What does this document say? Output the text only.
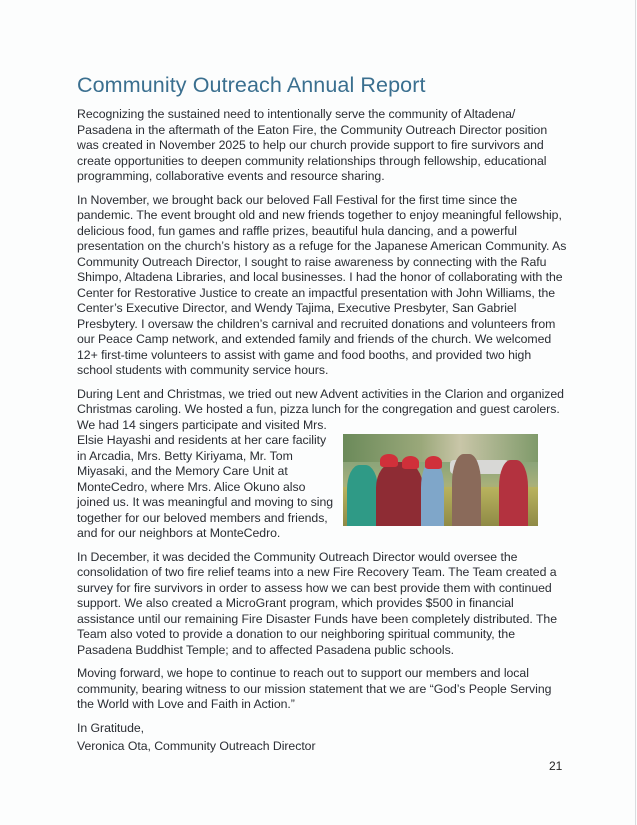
Community Outreach Annual Report

Recognizing the sustained need to intentionally serve the community of Altadena/ Pasadena in the aftermath of the Eaton Fire, the Community Outreach Director position was created in November 2025 to help our church provide support to fire survivors and create opportunities to deepen community relationships through fellowship, educational programming, collaborative events and resource sharing.

In November, we brought back our beloved Fall Festival for the first time since the pandemic. The event brought old and new friends together to enjoy meaningful fellowship, delicious food, fun games and raffle prizes, beautiful hula dancing, and a powerful presentation on the church’s history as a refuge for the Japanese American Community. As Community Outreach Director, I sought to raise awareness by connecting with the Rafu Shimpo, Altadena Libraries, and local businesses. I had the honor of collaborating with the Center for Restorative Justice to create an impactful presentation with John Williams, the Center’s Executive Director, and Wendy Tajima, Executive Presbyter, San Gabriel Presbytery. I oversaw the children’s carnival and recruited donations and volunteers from our Peace Camp network, and extended family and friends of the church. We welcomed 12+ first-time volunteers to assist with game and food booths, and provided two high school students with community service hours.

During Lent and Christmas, we tried out new Advent activities in the Clarion and organized Christmas caroling. We hosted a fun, pizza lunch for the congregation and guest carolers. We had 14 singers participate and visited Mrs. Elsie Hayashi and residents at her care facility in Arcadia, Mrs. Betty Kiriyama, Mr. Tom Miyasaki, and the Memory Care Unit at MonteCedro, where Mrs. Alice Okuno also joined us. It was meaningful and moving to sing together for our beloved members and friends, and for our neighbors at MonteCedro.

In December, it was decided the Community Outreach Director would oversee the consolidation of two fire relief teams into a new Fire Recovery Team. The Team created a survey for fire survivors in order to assess how we can best provide them with continued support. We also created a MicroGrant program, which provides $500 in financial assistance until our remaining Fire Disaster Funds have been completely distributed. The Team also voted to provide a donation to our neighboring spiritual community, the Pasadena Buddhist Temple; and to affected Pasadena public schools.

Moving forward, we hope to continue to reach out to support our members and local community, bearing witness to our mission statement that we are “God’s People Serving the World with Love and Faith in Action.”

In Gratitude,

Veronica Ota, Community Outreach Director

21
